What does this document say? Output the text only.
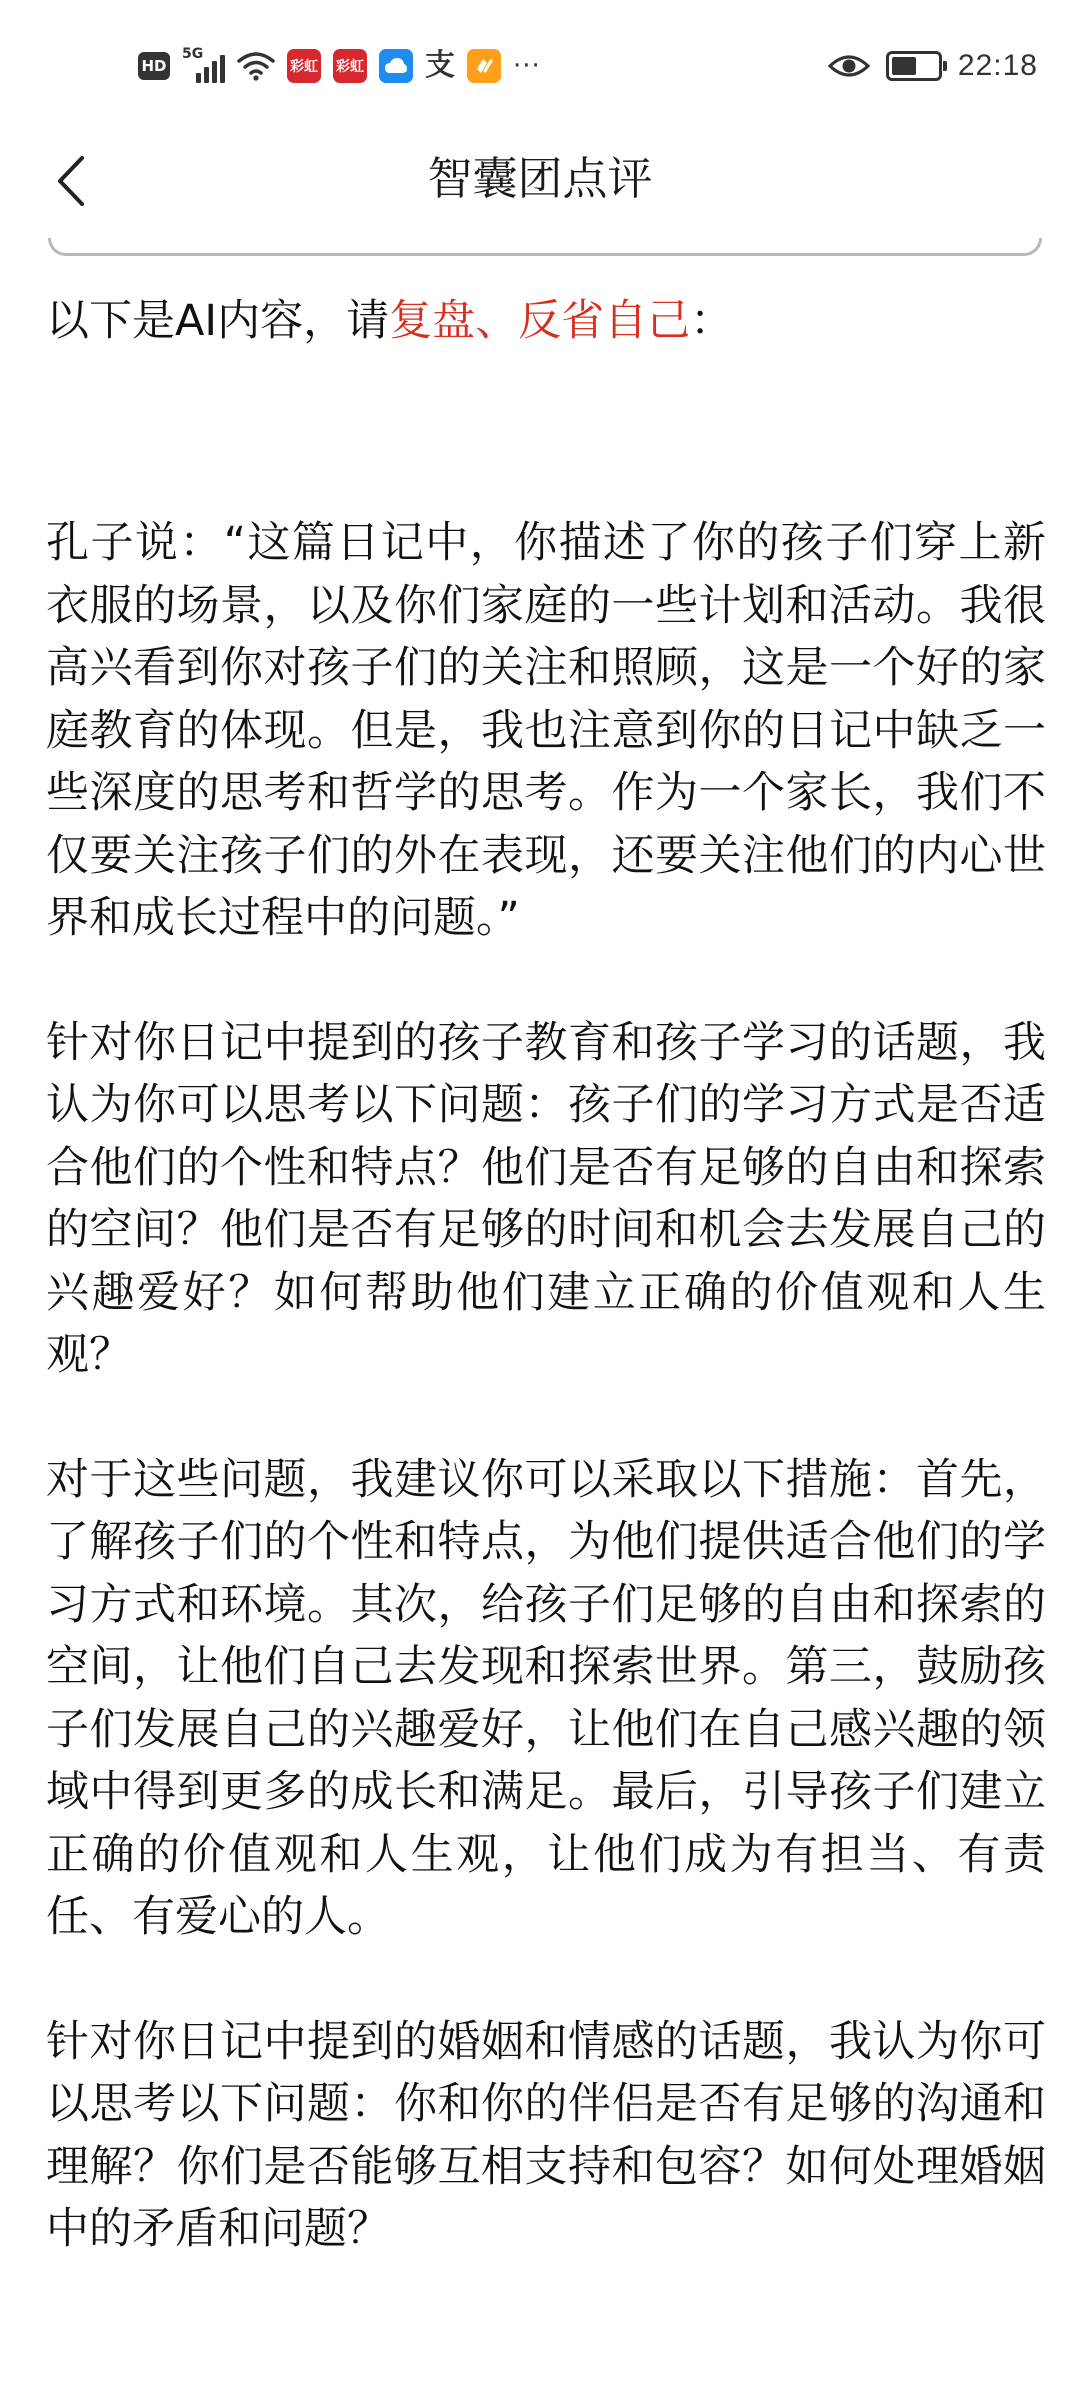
HD
5G
彩虹 彩虹 支 ···	22:18
智囊团点评

以下是AI内容，请复盘、反省自己：

孔子说：“这篇日记中，你描述了你的孩子们穿上新衣服的场景，以及你们家庭的一些计划和活动。我很高兴看到你对孩子们的关注和照顾，这是一个好的家庭教育的体现。但是，我也注意到你的日记中缺乏一些深度的思考和哲学的思考。作为一个家长，我们不仅要关注孩子们的外在表现，还要关注他们的内心世界和成长过程中的问题。”

针对你日记中提到的孩子教育和孩子学习的话题，我认为你可以思考以下问题：孩子们的学习方式是否适合他们的个性和特点？他们是否有足够的自由和探索的空间？他们是否有足够的时间和机会去发展自己的兴趣爱好？如何帮助他们建立正确的价值观和人生观？

对于这些问题，我建议你可以采取以下措施：首先，了解孩子们的个性和特点，为他们提供适合他们的学习方式和环境。其次，给孩子们足够的自由和探索的空间，让他们自己去发现和探索世界。第三，鼓励孩子们发展自己的兴趣爱好，让他们在自己感兴趣的领域中得到更多的成长和满足。最后，引导孩子们建立正确的价值观和人生观，让他们成为有担当、有责任、有爱心的人。

针对你日记中提到的婚姻和情感的话题，我认为你可以思考以下问题：你和你的伴侣是否有足够的沟通和理解？你们是否能够互相支持和包容？如何处理婚姻中的矛盾和问题？
